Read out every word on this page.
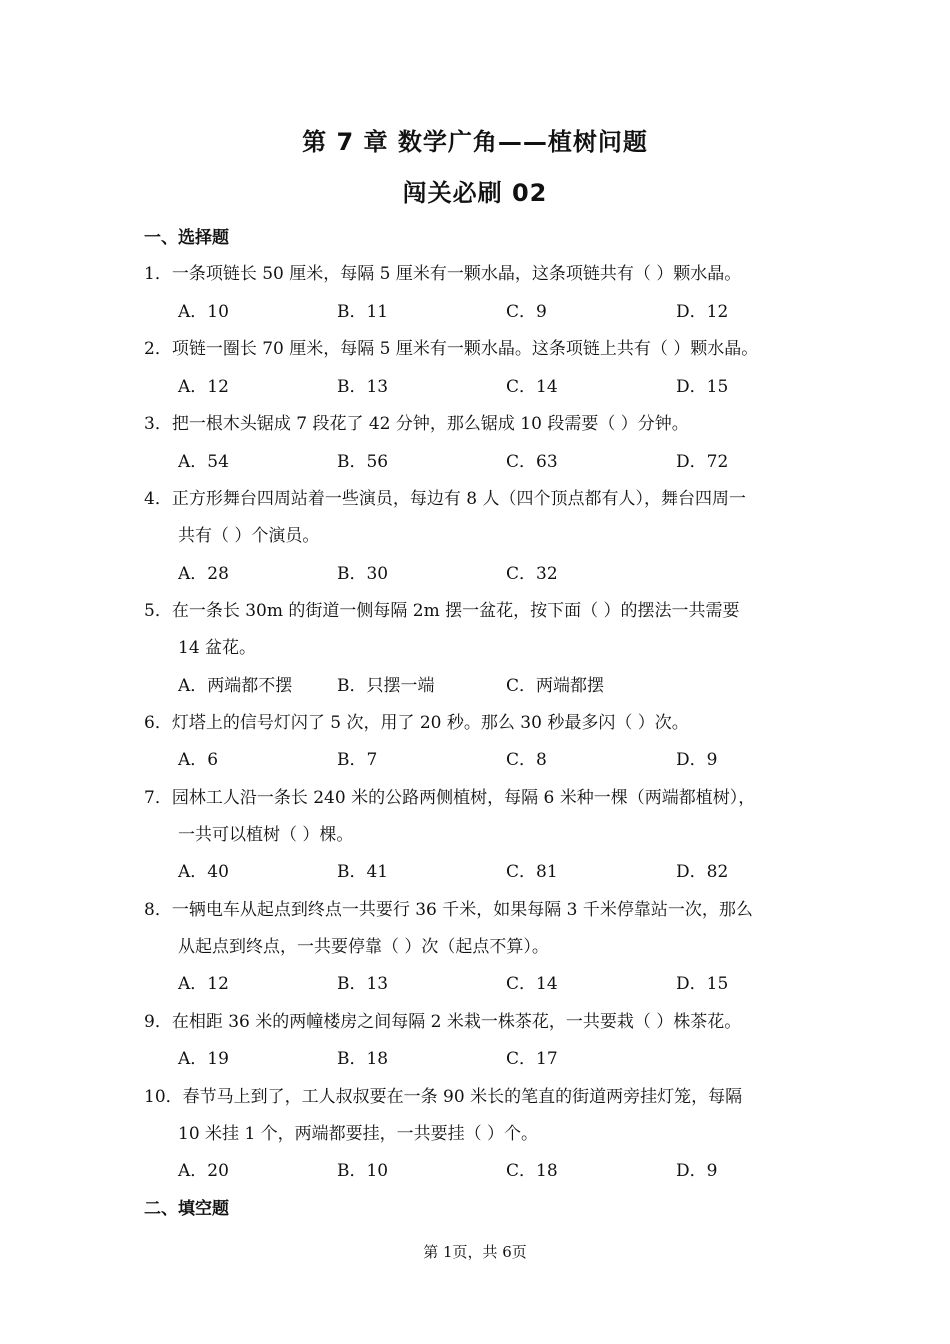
第 7 章 数学广角——植树问题
闯关必刷 02
一、选择题
1．一条项链长 50 厘米，每隔 5 厘米有一颗水晶，这条项链共有（ ）颗水晶。
A．10	B．11	C．9	D．12
2．项链一圈长 70 厘米，每隔 5 厘米有一颗水晶。这条项链上共有（ ）颗水晶。
A．12	B．13	C．14	D．15
3．把一根木头锯成 7 段花了 42 分钟，那么锯成 10 段需要（ ）分钟。
A．54	B．56	C．63	D．72
4．正方形舞台四周站着一些演员，每边有 8 人（四个顶点都有人），舞台四周一
共有（ ）个演员。
A．28	B．30	C．32
5．在一条长 30m 的街道一侧每隔 2m 摆一盆花，按下面（ ）的摆法一共需要
14 盆花。
A．两端都不摆	B．只摆一端	C．两端都摆
6．灯塔上的信号灯闪了 5 次，用了 20 秒。那么 30 秒最多闪（ ）次。
A．6	B．7	C．8	D．9
7．园林工人沿一条长 240 米的公路两侧植树，每隔 6 米种一棵（两端都植树），
一共可以植树（ ）棵。
A．40	B．41	C．81	D．82
8．一辆电车从起点到终点一共要行 36 千米，如果每隔 3 千米停靠站一次，那么
从起点到终点，一共要停靠（ ）次（起点不算）。
A．12	B．13	C．14	D．15
9．在相距 36 米的两幢楼房之间每隔 2 米栽一株茶花，一共要栽（ ）株茶花。
A．19	B．18	C．17
10．春节马上到了，工人叔叔要在一条 90 米长的笔直的街道两旁挂灯笼，每隔
10 米挂 1 个，两端都要挂，一共要挂（ ）个。
A．20	B．10	C．18	D．9
二、填空题
第 1页，共 6页
